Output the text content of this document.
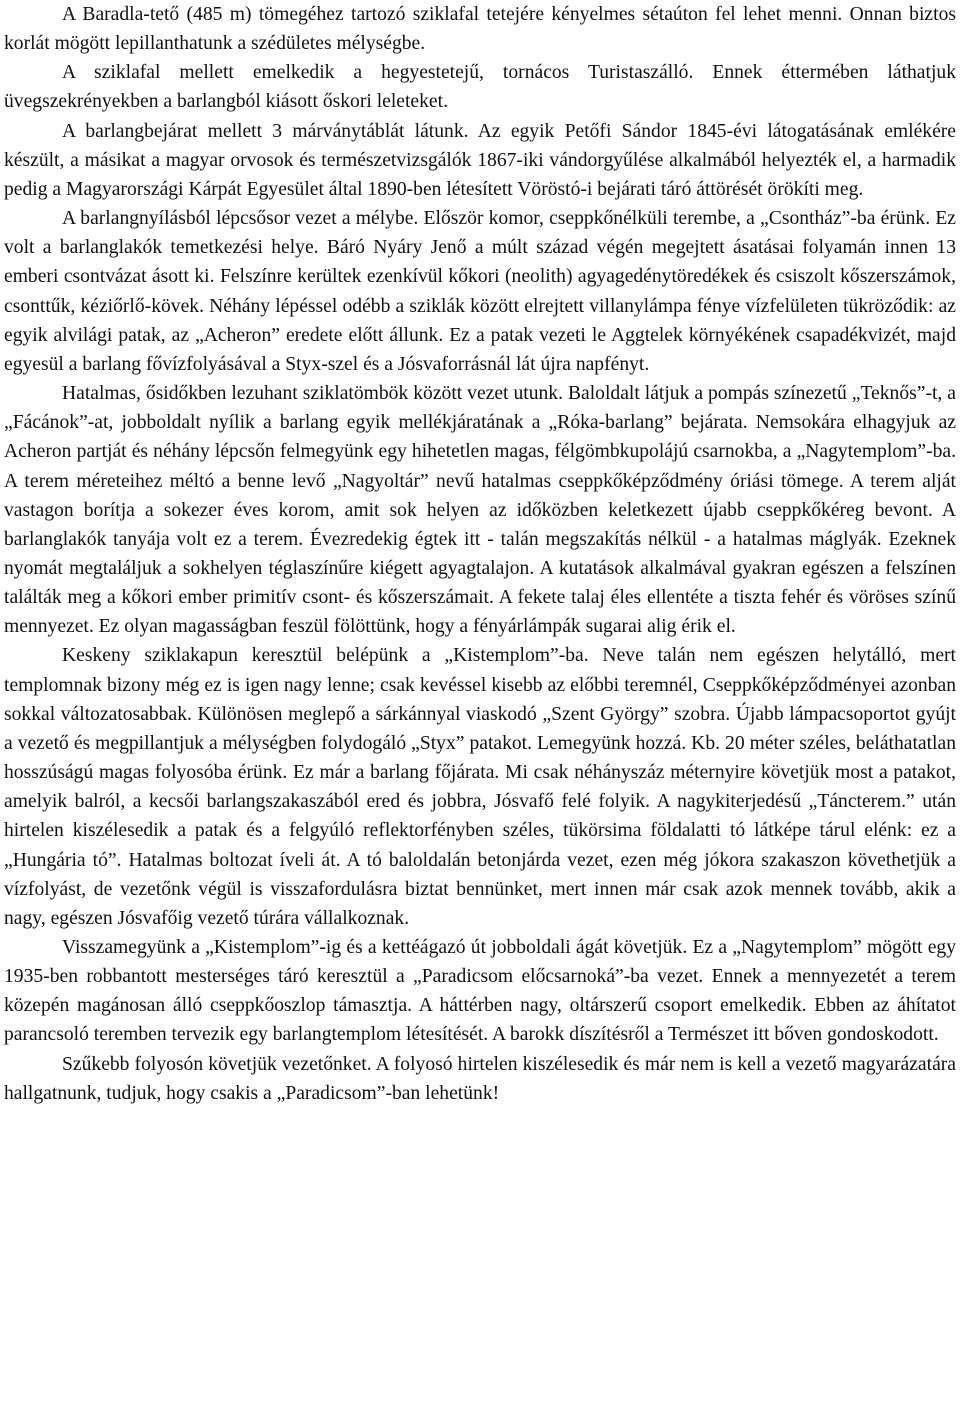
A Baradla-tető (485 m) tömegéhez tartozó sziklafal tetejére kényelmes sétaúton fel lehet menni. Onnan biztos korlát mögött lepillanthatunk a szédületes mélységbe.

A sziklafal mellett emelkedik a hegyestetejű, tornácos Turistaszálló. Ennek éttermében láthatjuk üvegszekrényekben a barlangból kiásott őskori leleteket.

A barlangbejárat mellett 3 márványtáblát látunk. Az egyik Petőfi Sándor 1845-évi látogatásának emlékére készült, a másikat a magyar orvosok és természetvizsgálók 1867-iki vándorgyűlése alkalmából helyezték el, a harmadik pedig a Magyarországi Kárpát Egyesület által 1890-ben létesített Vöröstó-i bejárati táró áttörését örökíti meg.

A barlangnyílásból lépcsősor vezet a mélybe. Először komor, cseppkőnélküli terembe, a „Csontház”-ba érünk. Ez volt a barlanglakók temetkezési helye. Báró Nyáry Jenő a múlt század végén megejtett ásatásai folyamán innen 13 emberi csontvázat ásott ki. Felszínre kerültek ezenkívül kőkori (neolith) agyagedénytöredékek és csiszolt kőszerszámok, csonttűk, kéziőrlő-kövek. Néhány lépéssel odébb a sziklák között elrejtett villanylámpa fénye vízfelületen tükröződik: az egyik alvilági patak, az „Acheron” eredete előtt állunk. Ez a patak vezeti le Aggtelek környékének csapadékvizét, majd egyesül a barlang fővízfolyásával a Styx-szel és a Jósvaforrásnál lát újra napfényt.

Hatalmas, ősidőkben lezuhant sziklatömbök között vezet utunk. Baloldalt látjuk a pompás színezetű „Teknős”-t, a „Fácánok”-at, jobboldalt nyílik a barlang egyik mellékjáratának a „Róka-barlang” bejárata. Nemsokára elhagyjuk az Acheron partját és néhány lépcsőn felmegyünk egy hihetetlen magas, félgömbkupolájú csarnokba, a „Nagytemplom”-ba. A terem méreteihez méltó a benne levő „Nagyoltár” nevű hatalmas cseppkőképződmény óriási tömege. A terem alját vastagon borítja a sokezer éves korom, amit sok helyen az időközben keletkezett újabb cseppkőkéreg bevont. A barlanglakók tanyája volt ez a terem. Évezredekig égtek itt - talán megszakítás nélkül - a hatalmas máglyák. Ezeknek nyomát megtaláljuk a sokhelyen téglaszínűre kiégett agyagtalajon. A kutatások alkalmával gyakran egészen a felszínen találták meg a kőkori ember primitív csont- és kőszerszámait. A fekete talaj éles ellentéte a tiszta fehér és vöröses színű mennyezet. Ez olyan magasságban feszül fölöttünk, hogy a fényárlámpák sugarai alig érik el.

Keskeny sziklakapun keresztül belépünk a „Kistemplom”-ba. Neve talán nem egészen helytálló, mert templomnak bizony még ez is igen nagy lenne; csak kevéssel kisebb az előbbi teremnél, Cseppkőképződményei azonban sokkal változatosabbak. Különösen meglepő a sárkánnyal viaskodó „Szent György” szobra. Újabb lámpacsoportot gyújt a vezető és megpillantjuk a mélységben folydogáló „Styx” patakot. Lemegyünk hozzá. Kb. 20 méter széles, beláthatatlan hosszúságú magas folyosóba érünk. Ez már a barlang főjárata. Mi csak néhányszáz méternyire követjük most a patakot, amelyik balról, a kecsői barlangszakaszából ered és jobbra, Jósvafő felé folyik. A nagykiterjedésű „Táncterem.” után hirtelen kiszélesedik a patak és a felgyúló reflektorfényben széles, tükörsima földalatti tó látképe tárul elénk: ez a „Hungária tó”. Hatalmas boltozat íveli át. A tó baloldalán betonjárda vezet, ezen még jókora szakaszon követhetjük a vízfolyást, de vezetőnk végül is visszafordulásra biztat bennünket, mert innen már csak azok mennek tovább, akik a nagy, egészen Jósvafőig vezető túrára vállalkoznak.

Visszamegyünk a „Kistemplom”-ig és a kettéágazó út jobboldali ágát követjük. Ez a „Nagytemplom” mögött egy 1935-ben robbantott mesterséges táró keresztül a „Paradicsom előcsarnoká”-ba vezet. Ennek a mennyezetét a terem közepén magánosan álló cseppkőoszlop támasztja. A háttérben nagy, oltárszerű csoport emelkedik. Ebben az áhítatot parancsoló teremben tervezik egy barlangtemplom létesítését. A barokk díszítésről a Természet itt bőven gondoskodott.

Szűkebb folyosón követjük vezetőnket. A folyosó hirtelen kiszélesedik és már nem is kell a vezető magyarázatára hallgatnunk, tudjuk, hogy csakis a „Paradicsom”-ban lehetünk!
